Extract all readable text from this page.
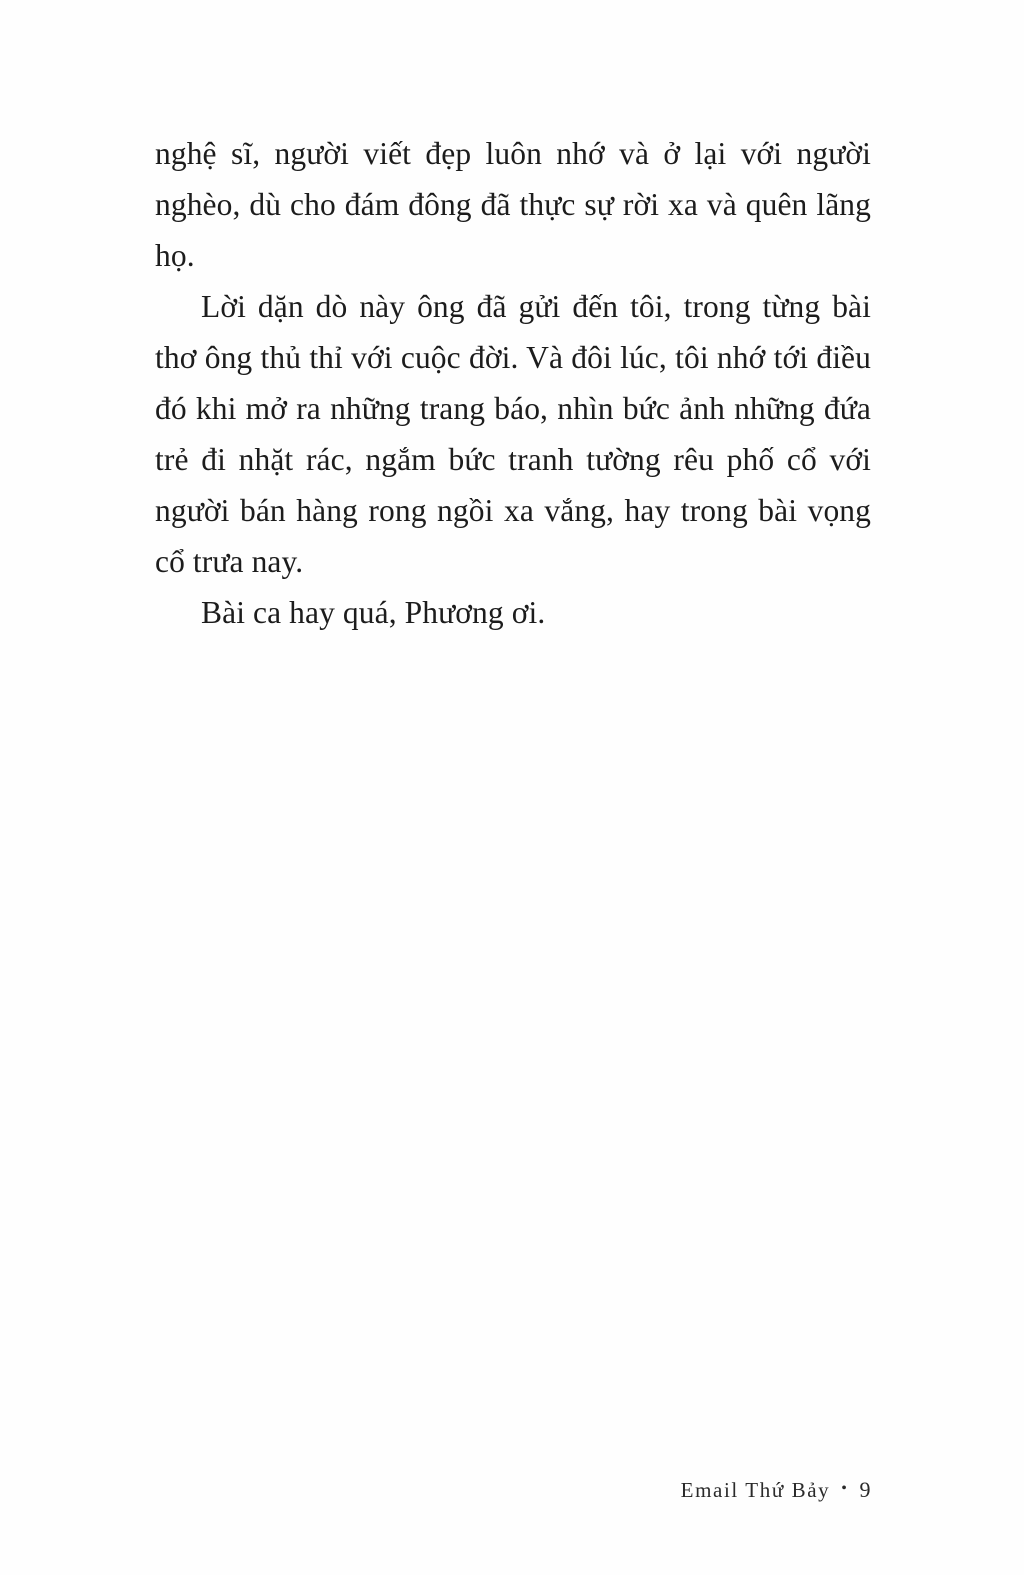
nghệ sĩ, người viết đẹp luôn nhớ và ở lại với người nghèo, dù cho đám đông đã thực sự rời xa và quên lãng họ.

Lời dặn dò này ông đã gửi đến tôi, trong từng bài thơ ông thủ thỉ với cuộc đời. Và đôi lúc, tôi nhớ tới điều đó khi mở ra những trang báo, nhìn bức ảnh những đứa trẻ đi nhặt rác, ngắm bức tranh tường rêu phố cổ với người bán hàng rong ngồi xa vắng, hay trong bài vọng cổ trưa nay.

Bài ca hay quá, Phương ơi.

Email Thứ Bảy • 9
